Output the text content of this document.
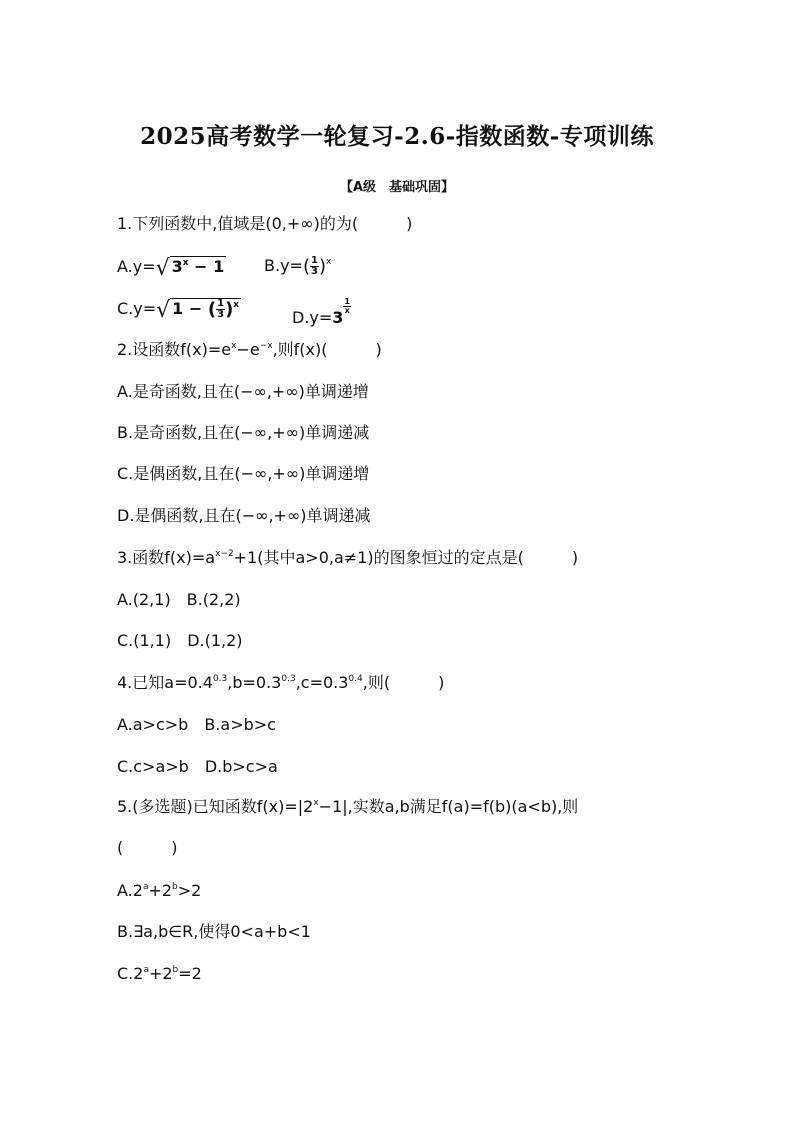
2025高考数学一轮复习-2.6-指数函数-专项训练
【A级　基础巩固】
1.下列函数中,值域是(0,+∞)的为(　　　)
A.y=√ $3^x - 1$ $B.y=( \frac{1}{3} )^x$
C.y=√ 1 − ( $\frac{1}{3} )^x$
D.y=3
$\frac{1}{x}$
2.设函数$f(x)=e^x-e^{-x}$,则f(x)(　　　)
A.是奇函数,且在(−∞,+∞)单调递增
B.是奇函数,且在(−∞,+∞)单调递减
C.是偶函数,且在(−∞,+∞)单调递增
D.是偶函数,且在(−∞,+∞)单调递减
3.函数$f(x)=a^{x-2}+1$(其中a>0,a≠1)的图象恒过的定点是(　　　)
A.(2,1)　B.(2,2)
C.(1,1)　D.(1,2)
4.已知$a=0.4^{0.3},b=0.3^{0.3},c=0.3^{0.4}$,则(　　　)
A.a>c>b　B.a>b>c
C.c>a>b　D.b>c>a
5.(多选题)已知函数$f(x)=|2^x-1|$,实数a,b满足f(a)=f(b)(a<b),则
(　　　)
$A.2^a+2^b>2$
B.∃a,b∈R,使得0<a+b<1
$C.2^a+2^b=2$
